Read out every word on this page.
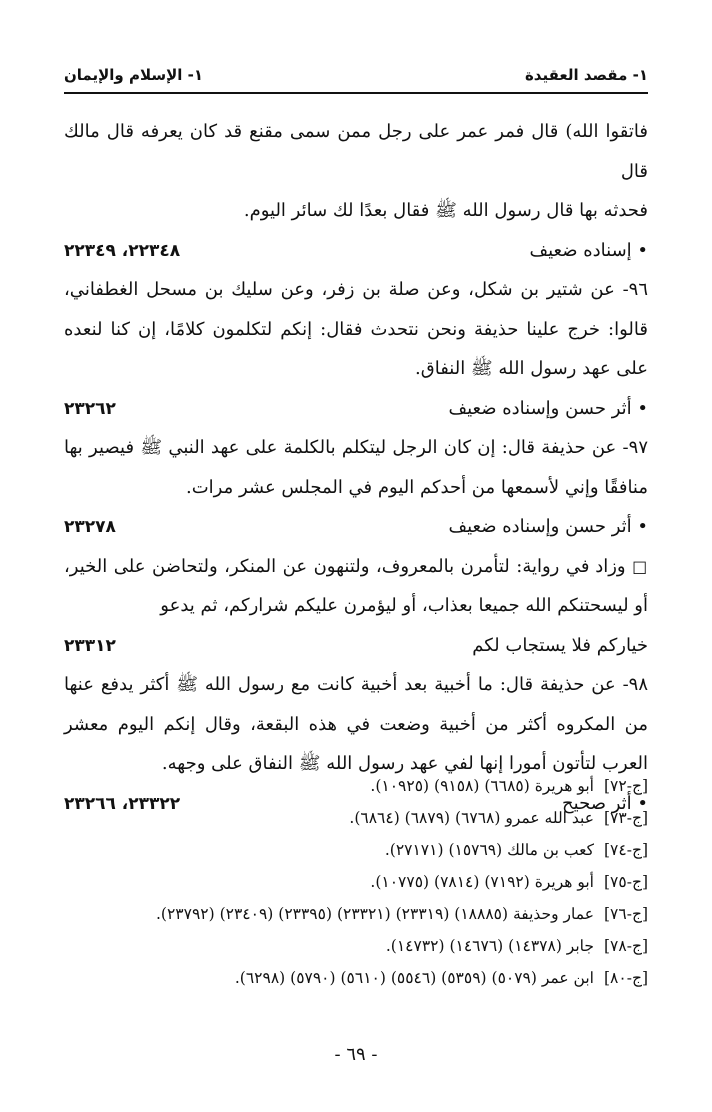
١- مقصد العقيدة
١- الإسلام والإيمان

فاتقوا الله) قال فمر عمر على رجل ممن سمى مقنع قد كان يعرفه قال مالك قال
فحدثه بها قال رسول الله ﷺ فقال بعدًا لك سائر اليوم.

• إسناده ضعيف
٢٢٣٤٨، ٢٢٣٤٩

٩٦- عن شتير بن شكل، وعن صلة بن زفر، وعن سليك بن مسحل الغطفاني، قالوا: خرج علينا حذيفة ونحن نتحدث فقال: إنكم لتكلمون كلامًا، إن كنا لنعده على عهد رسول الله ﷺ النفاق.

• أثر حسن وإسناده ضعيف
٢٣٢٦٢

٩٧- عن حذيفة قال: إن كان الرجل ليتكلم بالكلمة على عهد النبي ﷺ فيصير بها منافقًا وإني لأسمعها من أحدكم اليوم في المجلس عشر مرات.

• أثر حسن وإسناده ضعيف
٢٣٢٧٨

□ وزاد في رواية: لتأمرن بالمعروف، ولتنهون عن المنكر، ولتحاضن على الخير، أو ليسحتنكم الله جميعا بعذاب، أو ليؤمرن عليكم شراركم، ثم يدعو

خياركم فلا يستجاب لكم
٢٣٣١٢

٩٨- عن حذيفة قال: ما أخبية بعد أخبية كانت مع رسول الله ﷺ أكثر يدفع عنها من المكروه أكثر من أخبية وضعت في هذه البقعة، وقال إنكم اليوم معشر العرب لتأتون أمورا إنها لفي عهد رسول الله ﷺ النفاق على وجهه.

• أثر صحيح
٢٣٣٢٢، ٢٣٢٦٦
[ج-٧٢]
أبو هريرة (٦٦٨٥) (٩١٥٨) (١٠٩٢٥).
[ج-٧٣]
عبد الله عمرو (٦٧٦٨) (٦٨٧٩) (٦٨٦٤).
[ج-٧٤]
كعب بن مالك (١٥٧٦٩) (٢٧١٧١).
[ج-٧٥]
أبو هريرة (٧١٩٢) (٧٨١٤) (١٠٧٧٥).
[ج-٧٦]
عمار وحذيفة (١٨٨٨٥) (٢٣٣١٩) (٢٣٣٢١) (٢٣٣٩٥) (٢٣٤٠٩) (٢٣٧٩٢).
[ج-٧٨]
جابر (١٤٣٧٨) (١٤٦٧٦) (١٤٧٣٢).
[ج-٨٠]
ابن عمر (٥٠٧٩) (٥٣٥٩) (٥٥٤٦) (٥٦١٠) (٥٧٩٠) (٦٢٩٨).
- ٦٩ -
